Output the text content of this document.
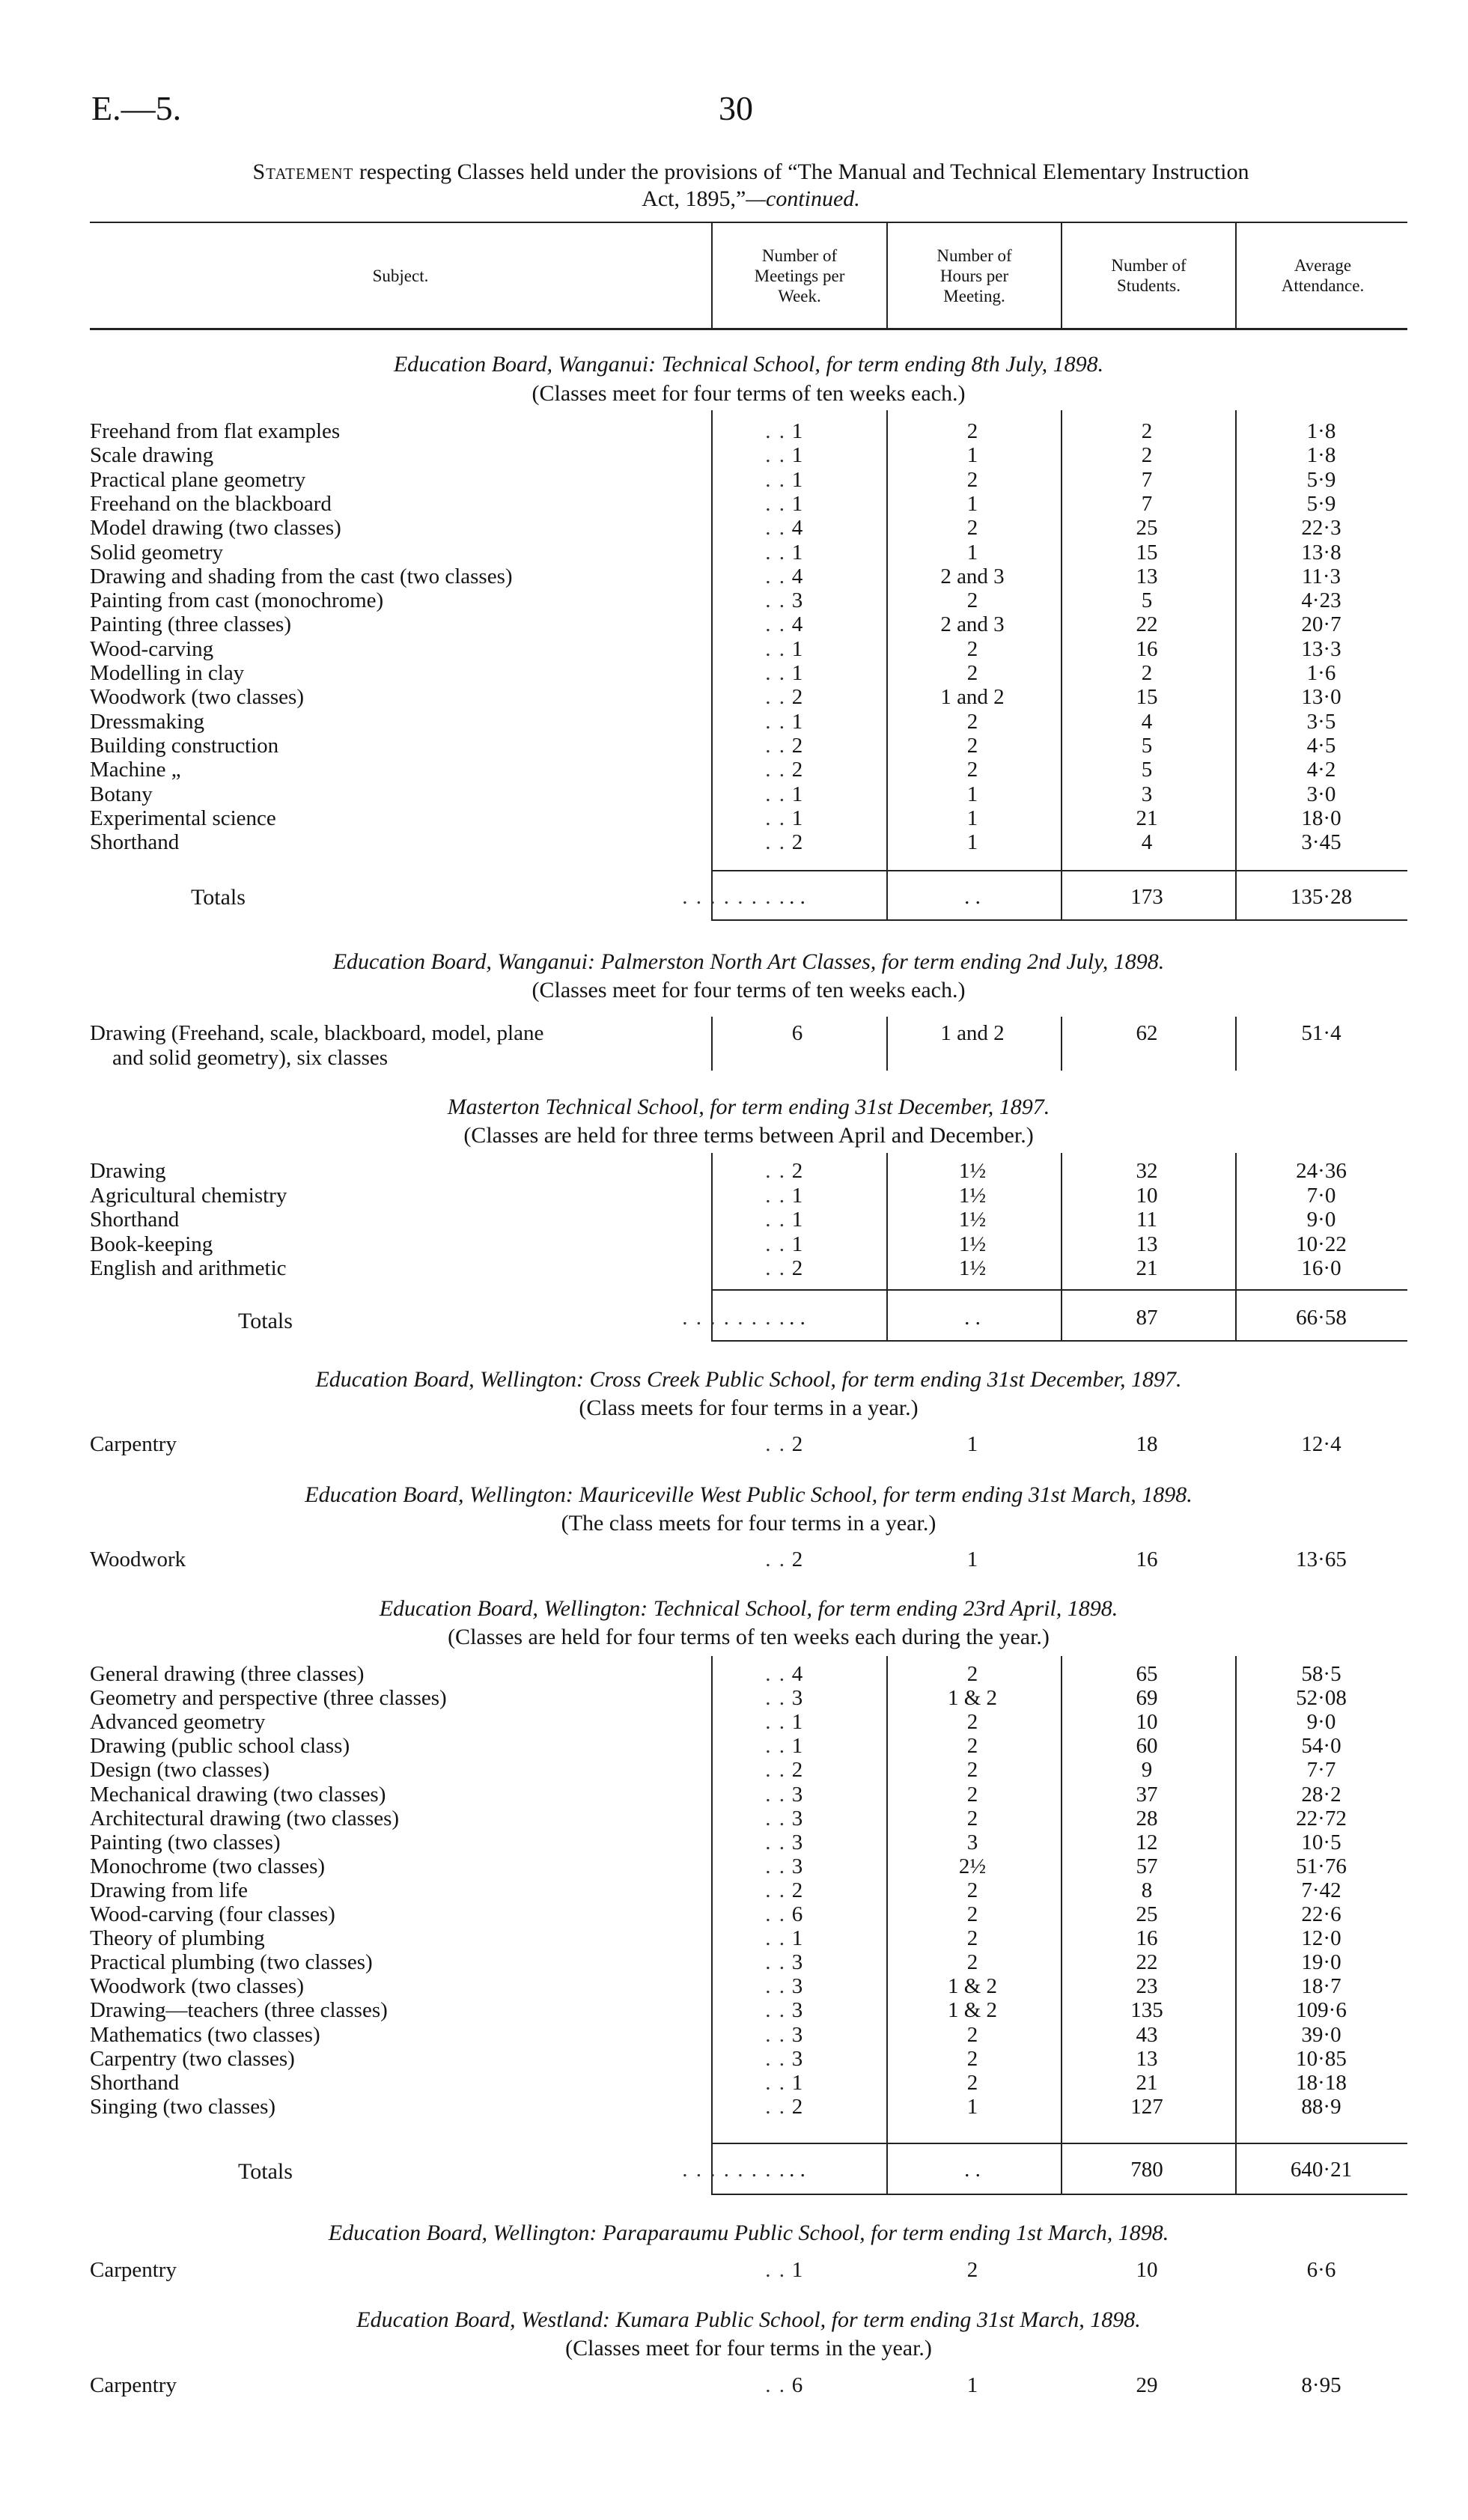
E.—5.	30
Statement respecting Classes held under the provisions of “The Manual and Technical Elementary Instruction
Act, 1895,”—continued.
Subject.
Number of Meetings per Week.
Number of Hours per Meeting.
Number of Students.
Average Attendance.
Education Board, Wanganui: Technical School, for term ending 8th July, 1898.
(Classes meet for four terms of ten weeks each.)
Freehand from flat examples	1	2	2	1·8
. .
Scale drawing	1	1	2	1·8
. .
Practical plane geometry	1	2	7	5·9
. .
Freehand on the blackboard	1	1	7	5·9
. .
Model drawing (two classes)	4	2	25	22·3
. .
Solid geometry	1	1	15	13·8
. .
Drawing and shading from the cast (two classes)	4	2 and 3	13	11·3
. .
Painting from cast (monochrome)	3	2	5	4·23
. .
Painting (three classes)	4	2 and 3	22	20·7
. .
Wood-carving	1	2	16	13·3
. .
Modelling in clay	1	2	2	1·6
. .
Woodwork (two classes)	2	1 and 2	15	13·0
. .
Dressmaking	1	2	4	3·5
. .
Building construction	2	2	5	4·5
. .
Machine „	2	2	5	4·2
. .
Botany	1	1	3	3·0
. .
Experimental science	1	1	21	18·0
. .
Shorthand	2	1	4	3·45
. .
Totals	. . . . . . . . . .	. .	173	135·28
Education Board, Wanganui: Palmerston North Art Classes, for term ending 2nd July, 1898.
(Classes meet for four terms of ten weeks each.)
Drawing (Freehand, scale, blackboard, model, plane	6	1 and 2	62	51·4
and solid geometry), six classes
Masterton Technical School, for term ending 31st December, 1897.
(Classes are held for three terms between April and December.)
Drawing	2	1½	32	24·36
. .
Agricultural chemistry	1	1½	10	7·0
. .
Shorthand	1	1½	11	9·0
. .
Book-keeping	1	1½	13	10·22
. .
English and arithmetic	2	1½	21	16·0
. .
Totals	. . . . . . . . . .	. .	87	66·58
Education Board, Wellington: Cross Creek Public School, for term ending 31st December, 1897.
(Class meets for four terms in a year.)
Carpentry	2	1	18	12·4
. .
Education Board, Wellington: Mauriceville West Public School, for term ending 31st March, 1898.
(The class meets for four terms in a year.)
Woodwork	2	1	16	13·65
. .
Education Board, Wellington: Technical School, for term ending 23rd April, 1898.
(Classes are held for four terms of ten weeks each during the year.)
General drawing (three classes)	4	2	65	58·5
. .
Geometry and perspective (three classes)	3	1 & 2	69	52·08
. .
Advanced geometry	1	2	10	9·0
. .
Drawing (public school class)	1	2	60	54·0
. .
Design (two classes)	2	2	9	7·7
. .
Mechanical drawing (two classes)	3	2	37	28·2
. .
Architectural drawing (two classes)	3	2	28	22·72
. .
Painting (two classes)	3	3	12	10·5
. .
Monochrome (two classes)	3	2½	57	51·76
. .
Drawing from life	2	2	8	7·42
. .
Wood-carving (four classes)	6	2	25	22·6
. .
Theory of plumbing	1	2	16	12·0
. .
Practical plumbing (two classes)	3	2	22	19·0
. .
Woodwork (two classes)	3	1 & 2	23	18·7
. .
Drawing—teachers (three classes)	3	1 & 2	135	109·6
. .
Mathematics (two classes)	3	2	43	39·0
. .
Carpentry (two classes)	3	2	13	10·85
. .
Shorthand	1	2	21	18·18
. .
Singing (two classes)	2	1	127	88·9
. .
Totals	. . . . . . . . . .	. .	780	640·21
Education Board, Wellington: Paraparaumu Public School, for term ending 1st March, 1898.
Carpentry	1	2	10	6·6
. .
Education Board, Westland: Kumara Public School, for term ending 31st March, 1898.
(Classes meet for four terms in the year.)
Carpentry	6	1	29	8·95
. .
